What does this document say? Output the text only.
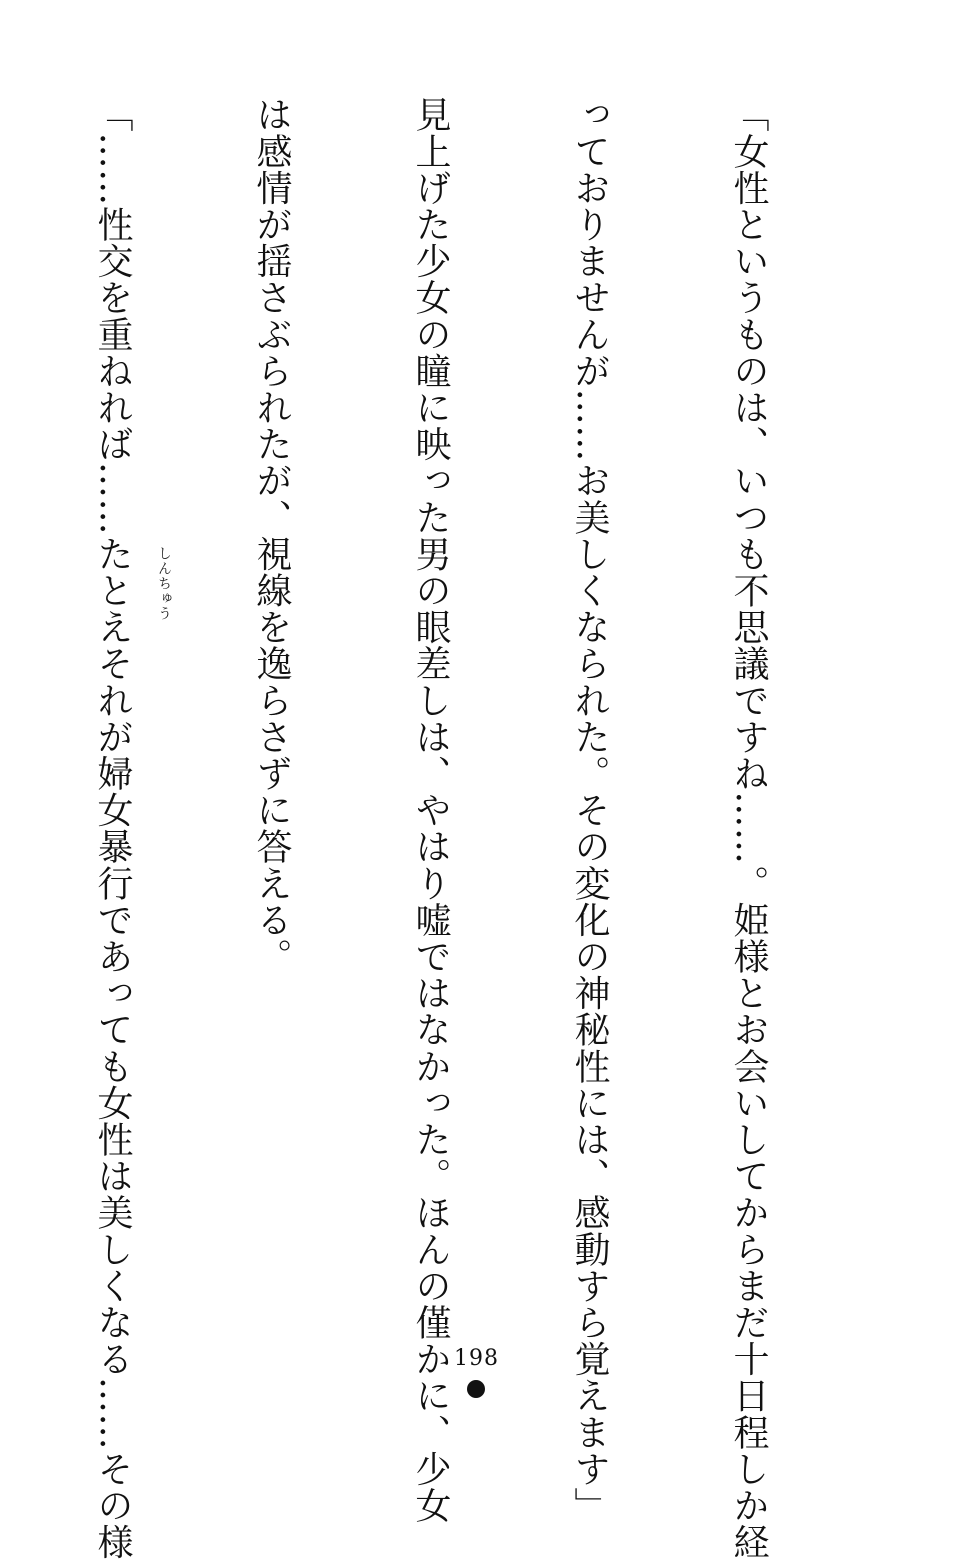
「女性というものは、いつも不思議ですね……。姫様とお会いしてからまだ十日程しか経

っておりませんが……お美しくなられた。その変化の神秘性には、感動すら覚えます」

見上げた少女の瞳に映った男の眼差しは、やはり嘘ではなかった。ほんの僅かに、少女

は感情が揺さぶられたが、視線を逸らさずに答える。

「……性交を重ねれば……たとえそれが婦女暴行であっても女性は美しくなる……その様

	しんちゅう
198
